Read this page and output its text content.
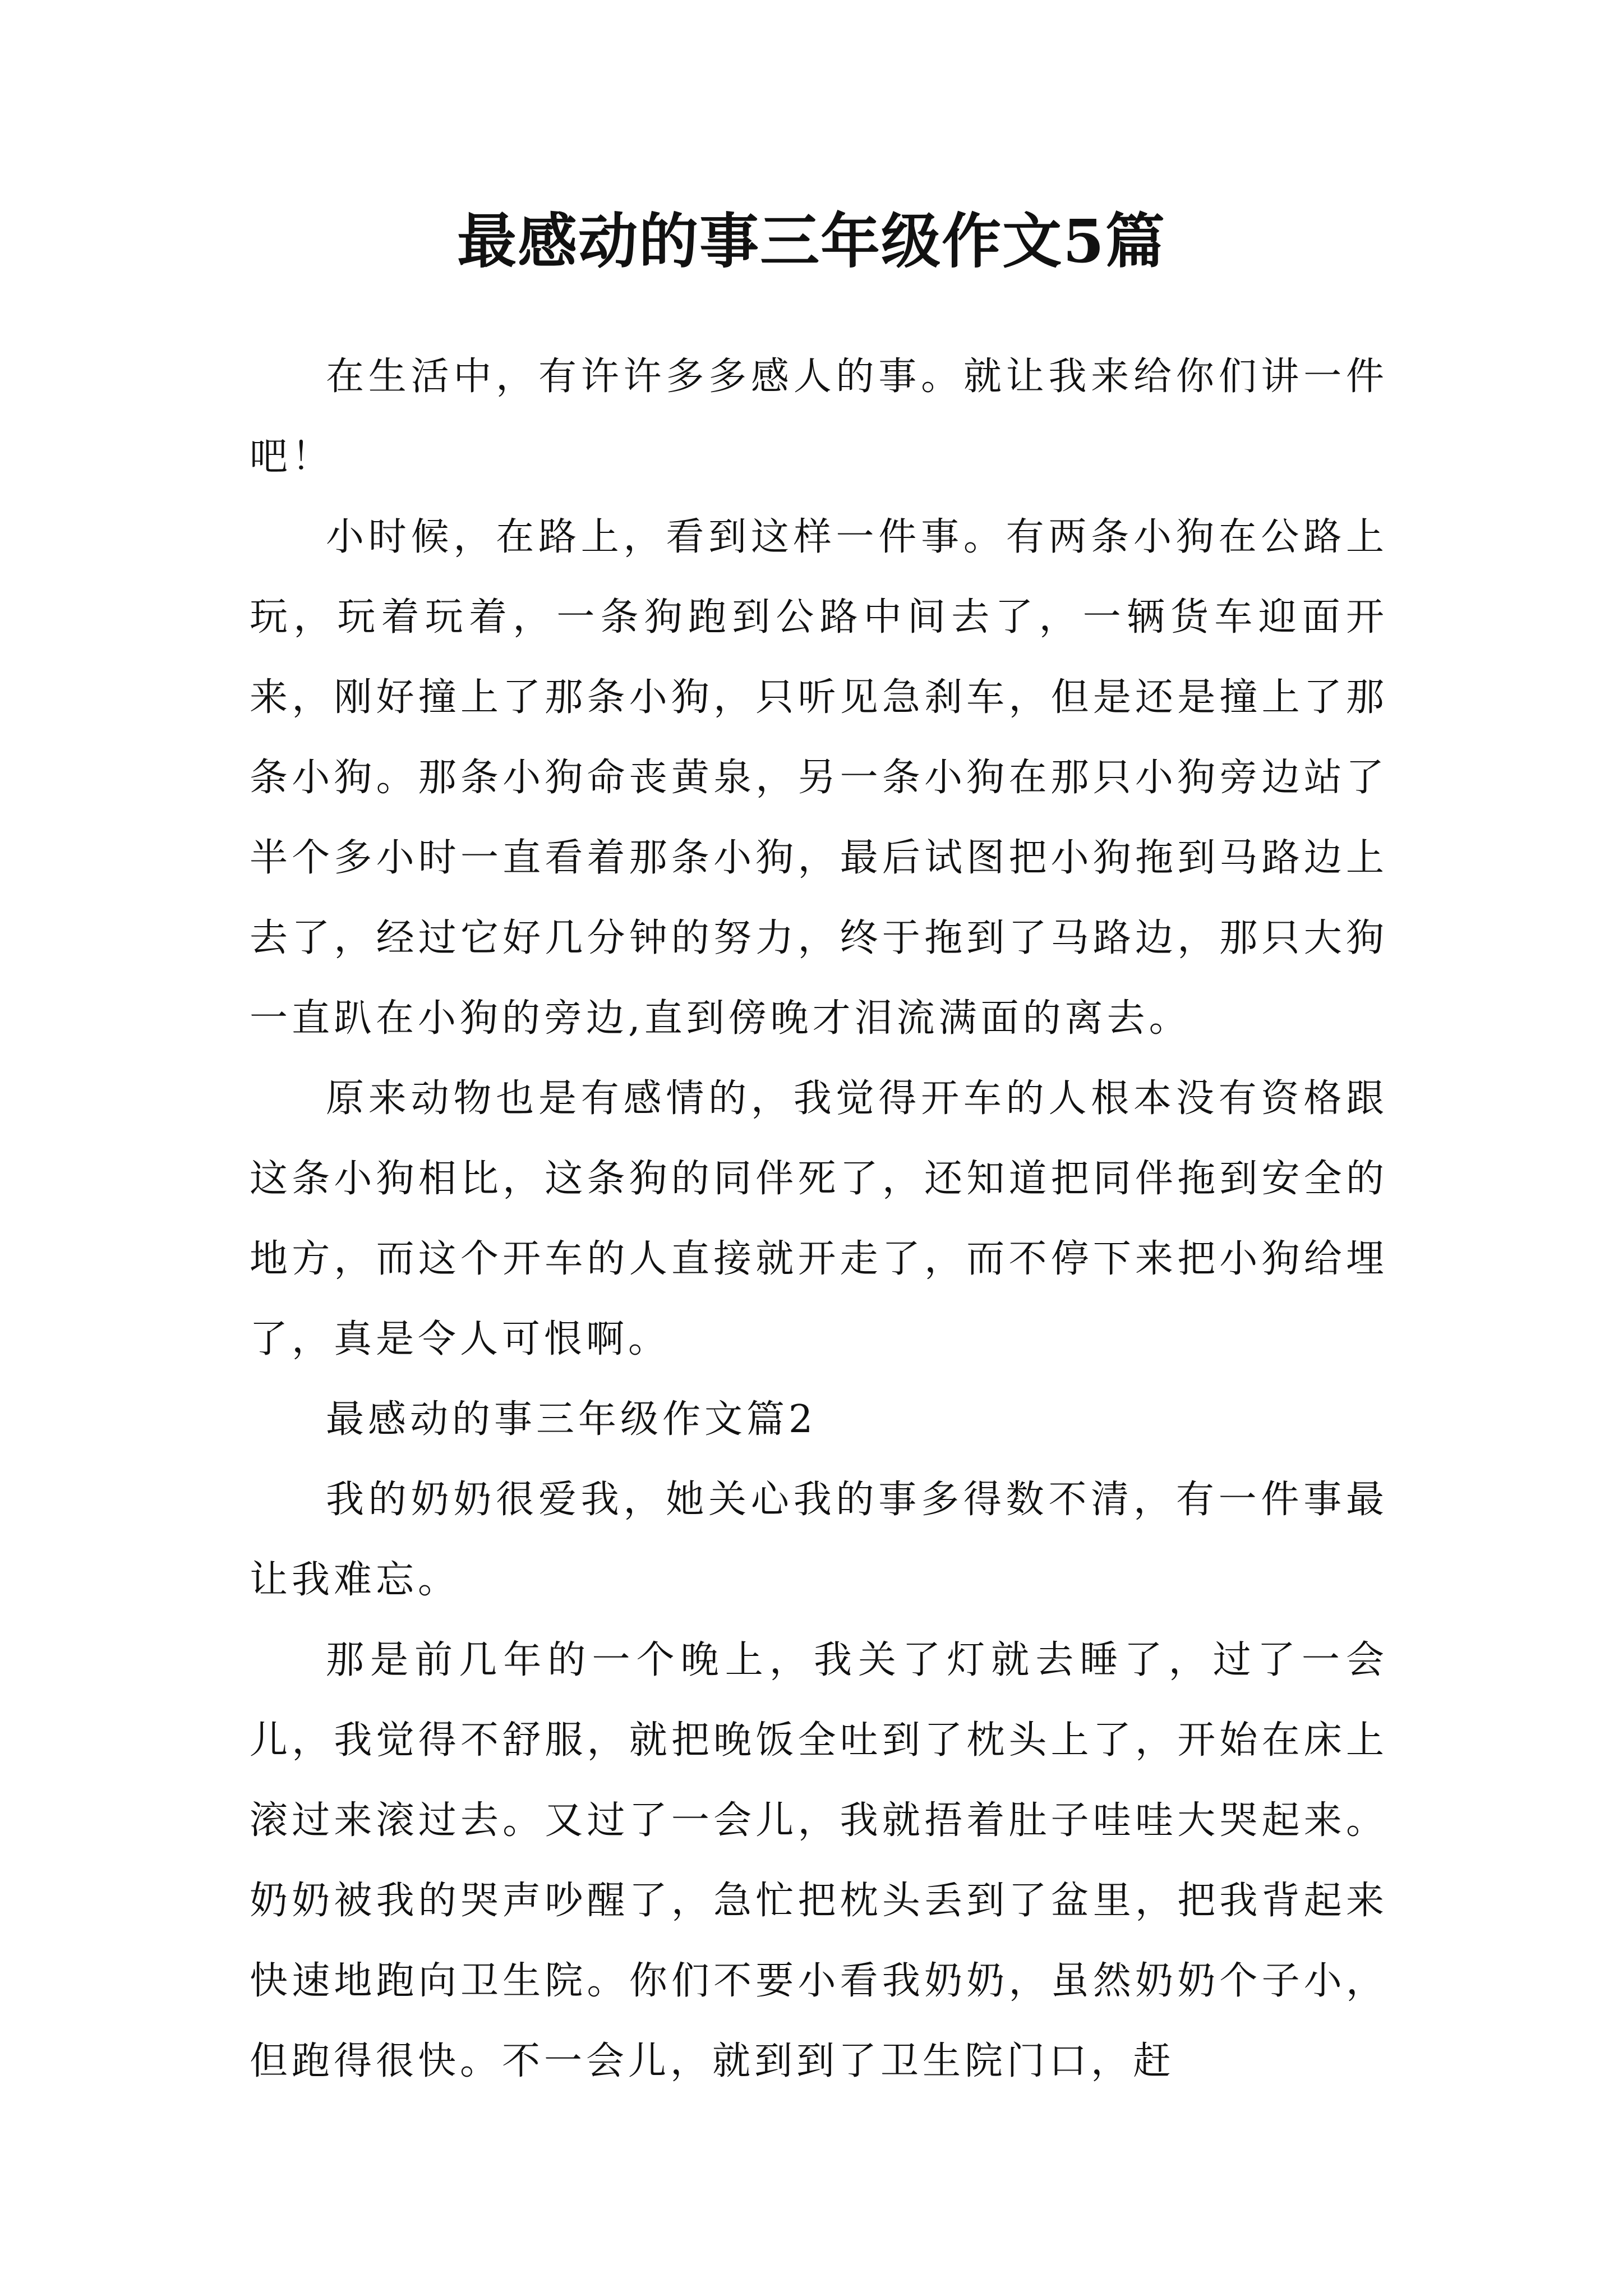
最感动的事三年级作文5篇

在生活中，有许许多多感人的事。就让我来给你们讲一件吧！

小时候，在路上，看到这样一件事。有两条小狗在公路上玩，玩着玩着，一条狗跑到公路中间去了，一辆货车迎面开来，刚好撞上了那条小狗，只听见急刹车，但是还是撞上了那条小狗。那条小狗命丧黄泉，另一条小狗在那只小狗旁边站了半个多小时一直看着那条小狗，最后试图把小狗拖到马路边上去了，经过它好几分钟的努力，终于拖到了马路边，那只大狗一直趴在小狗的旁边,直到傍晚才泪流满面的离去。

原来动物也是有感情的，我觉得开车的人根本没有资格跟这条小狗相比，这条狗的同伴死了，还知道把同伴拖到安全的地方，而这个开车的人直接就开走了，而不停下来把小狗给埋了，真是令人可恨啊。

最感动的事三年级作文篇2

我的奶奶很爱我，她关心我的事多得数不清，有一件事最让我难忘。

那是前几年的一个晚上，我关了灯就去睡了，过了一会儿，我觉得不舒服，就把晚饭全吐到了枕头上了，开始在床上滚过来滚过去。又过了一会儿，我就捂着肚子哇哇大哭起来。奶奶被我的哭声吵醒了，急忙把枕头丢到了盆里，把我背起来快速地跑向卫生院。你们不要小看我奶奶，虽然奶奶个子小，但跑得很快。不一会儿，就到到了卫生院门口，赶
